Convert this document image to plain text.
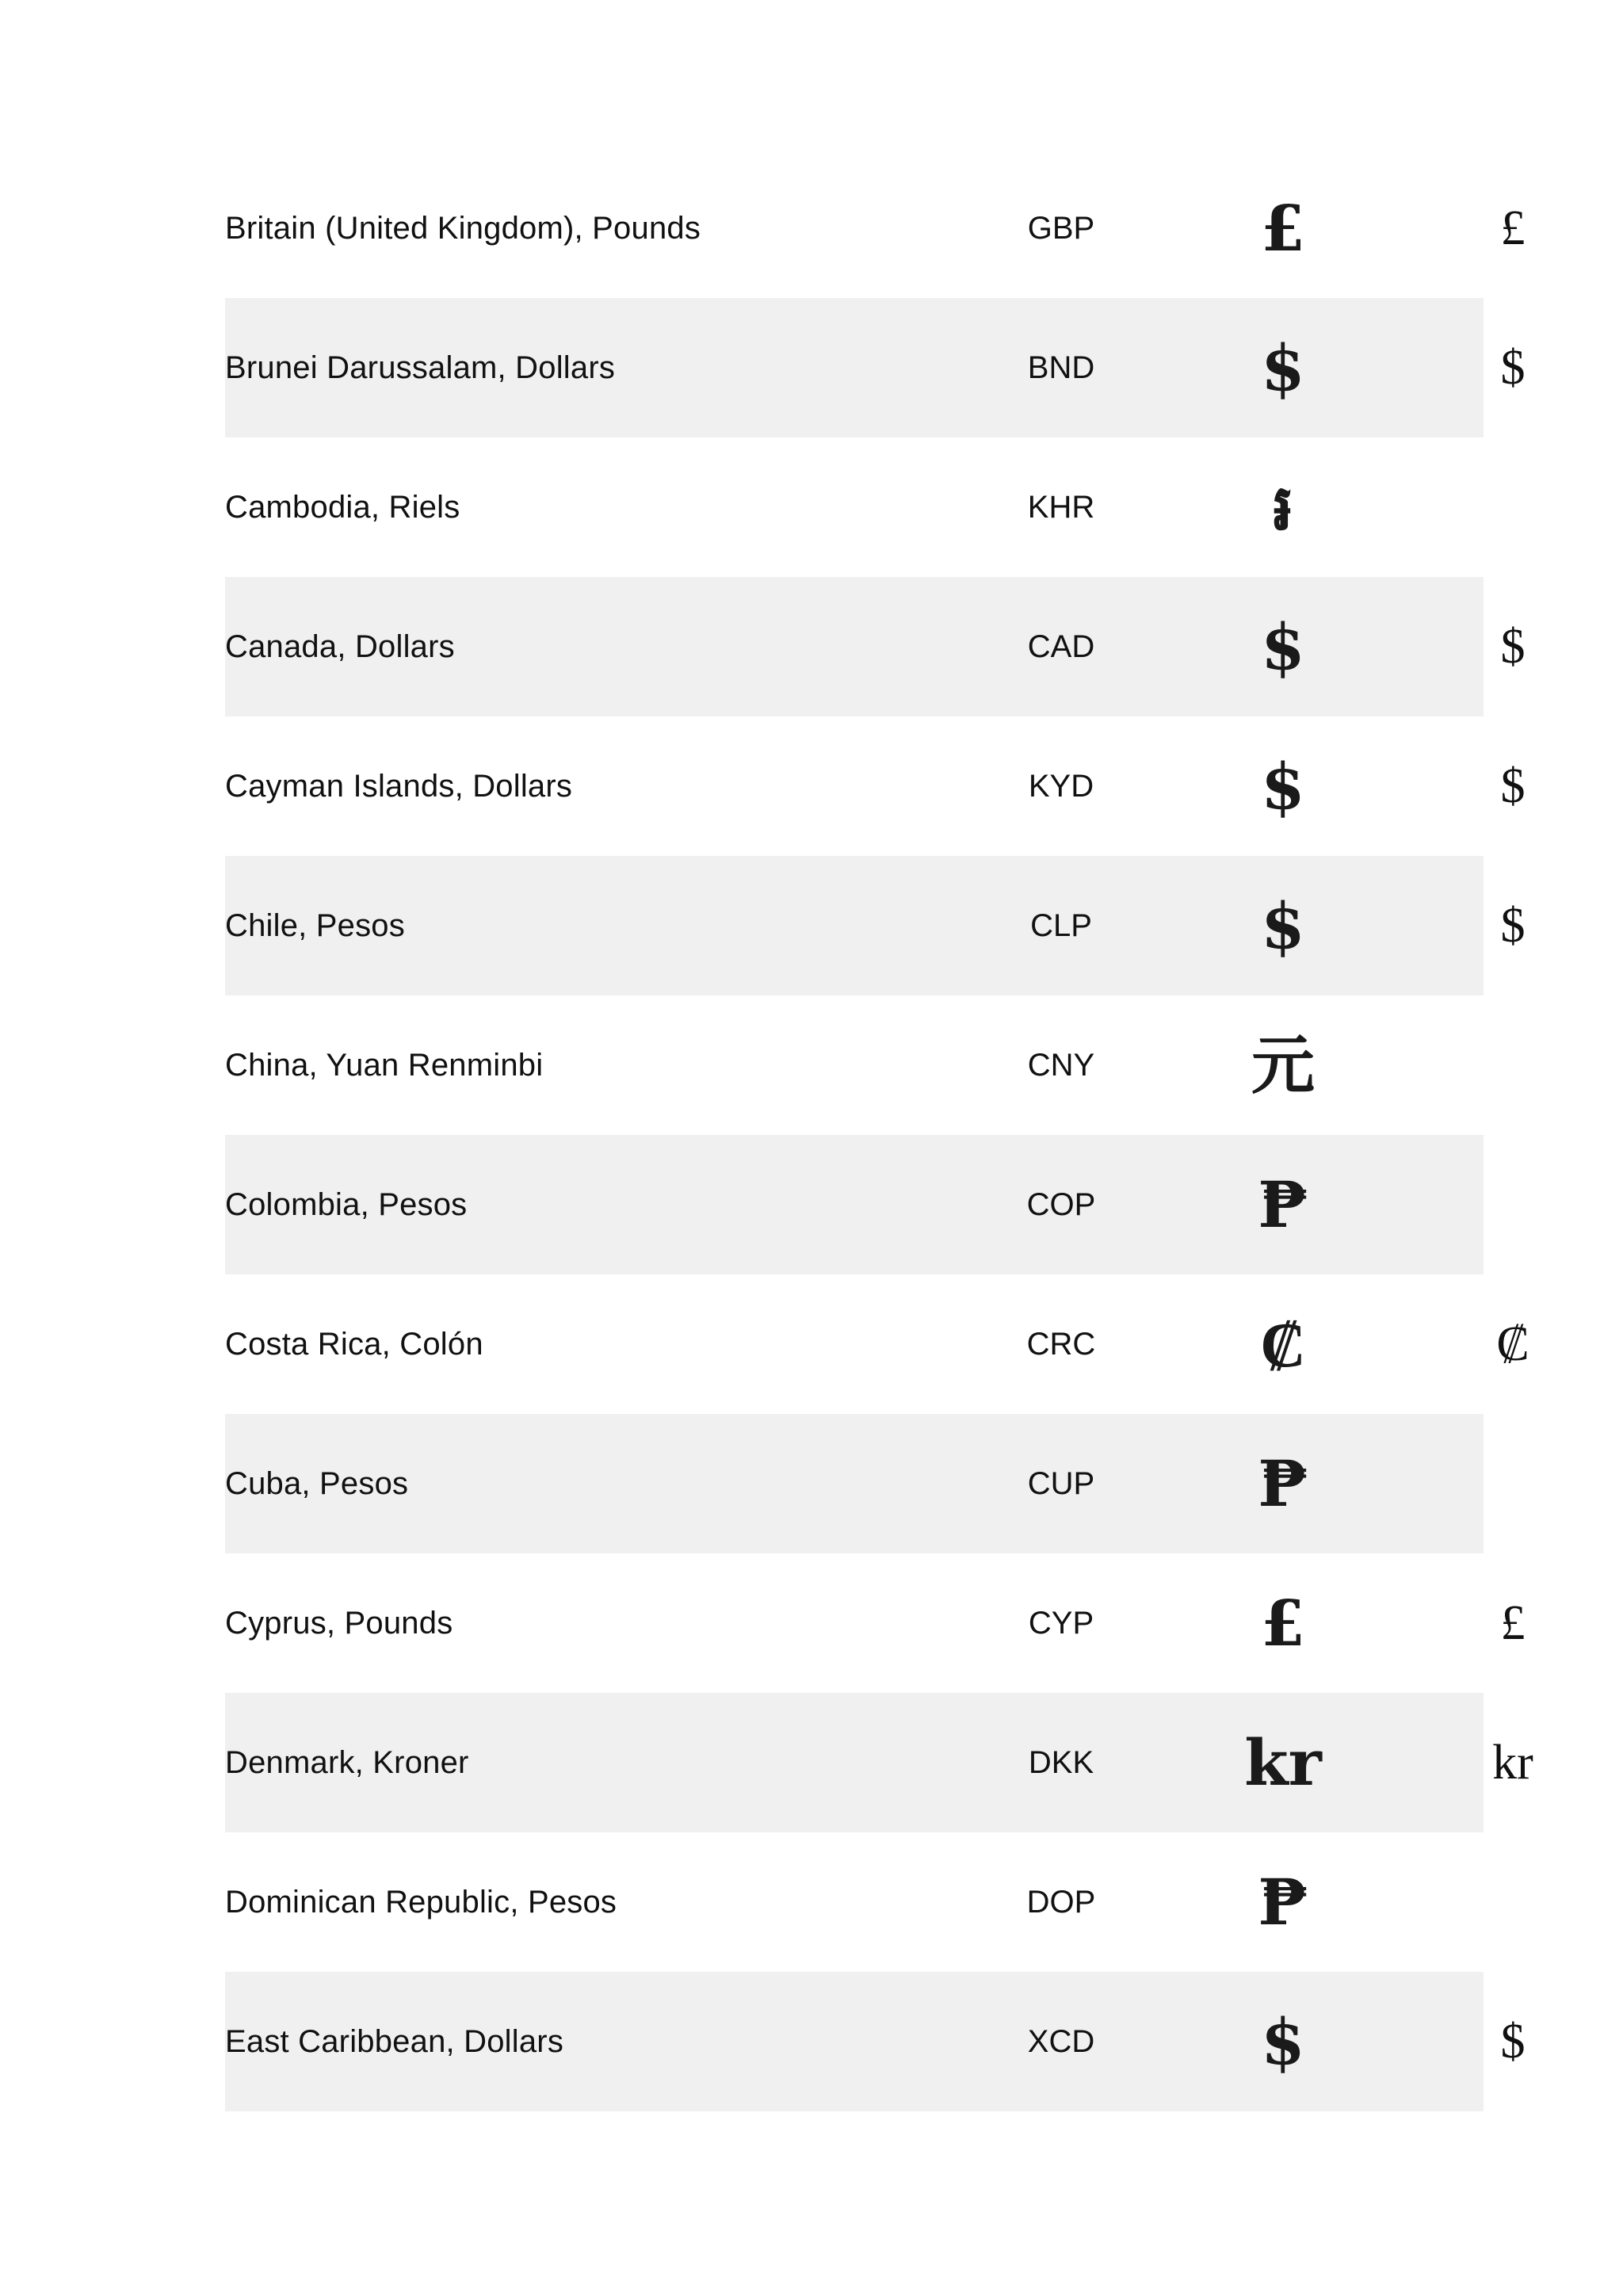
Britain (United Kingdom), Pounds	GBP	£	£
Brunei Darussalam, Dollars	BND	$	$
Cambodia, Riels	KHR	៛
Canada, Dollars	CAD	$	$
Cayman Islands, Dollars	KYD	$	$
Chile, Pesos	CLP	$	$
China, Yuan Renminbi	CNY	元
Colombia, Pesos	COP	₱
Costa Rica, Colón	CRC	₡	₡
Cuba, Pesos	CUP	₱
Cyprus, Pounds	CYP	£	£
Denmark, Kroner	DKK	kr	kr
Dominican Republic, Pesos	DOP	₱
East Caribbean, Dollars	XCD	$	$
